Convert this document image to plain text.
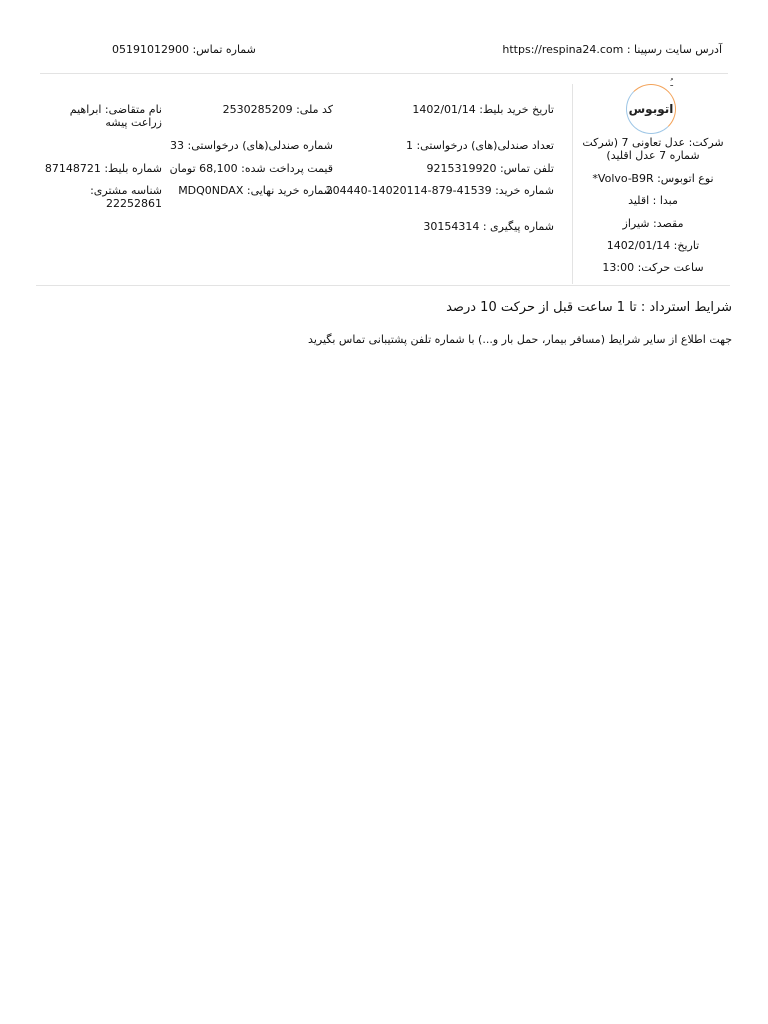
آدرس سایت رسپینا : https://respina24.com
شماره تماس: 05191012900
ـُ
اتوبوس
شرکت: عدل تعاونی 7 (شرکت شماره 7 عدل اقلید)
نوع اتوبوس: Volvo-B9R*
مبدا : اقلید
مقصد: شیراز
تاریخ: 1402/01/14
ساعت حرکت: 13:00
تاریخ خرید بلیط: 1402/01/14
کد ملی: 2530285209
نام متقاضی: ابراهیم زراعت پیشه
تعداد صندلی(های) درخواستی: 1
شماره صندلی(های) درخواستی: 33
تلفن تماس: 9215319920
قیمت پرداخت شده: 68,100 تومان
شماره بلیط: 87148721
شماره خرید: 41539-879-14020114-204440
شماره خرید نهایی: MDQ0NDAX
شناسه مشتری: 22252861
شماره پیگیری : 30154314
شرایط استرداد : تا 1 ساعت قبل از حرکت 10 درصد
جهت اطلاع از سایر شرایط (مسافر بیمار، حمل بار و...) با شماره تلفن پشتیبانی تماس بگیرید
